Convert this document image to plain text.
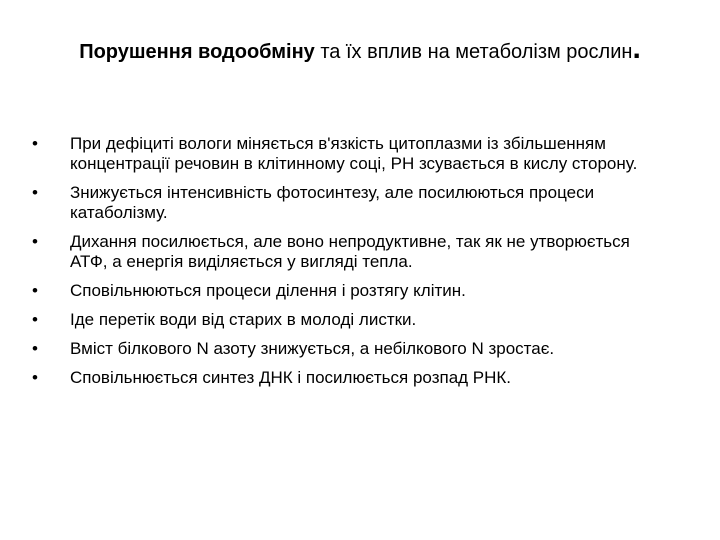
Порушення водообміну та їх вплив на метаболізм рослин.
•	При дефіциті вологи міняється в'язкість цитоплазми із збільшенням концентрації речовин в клітинному соці, РН зсувається в кислу сторону.
•	Знижується інтенсивність фотосинтезу, але посилюються процеси катаболізму.
•	Дихання посилюється, але воно непродуктивне, так як не утворюється АТФ, а енергія виділяється у вигляді тепла.
•	Сповільнюються процеси ділення і розтягу клітин.
•	Іде перетік води від старих в молоді листки.
•	Вміст білкового N азоту знижується, а небілкового N зростає.
•	Сповільнюється синтез ДНК і посилюється розпад РНК.
